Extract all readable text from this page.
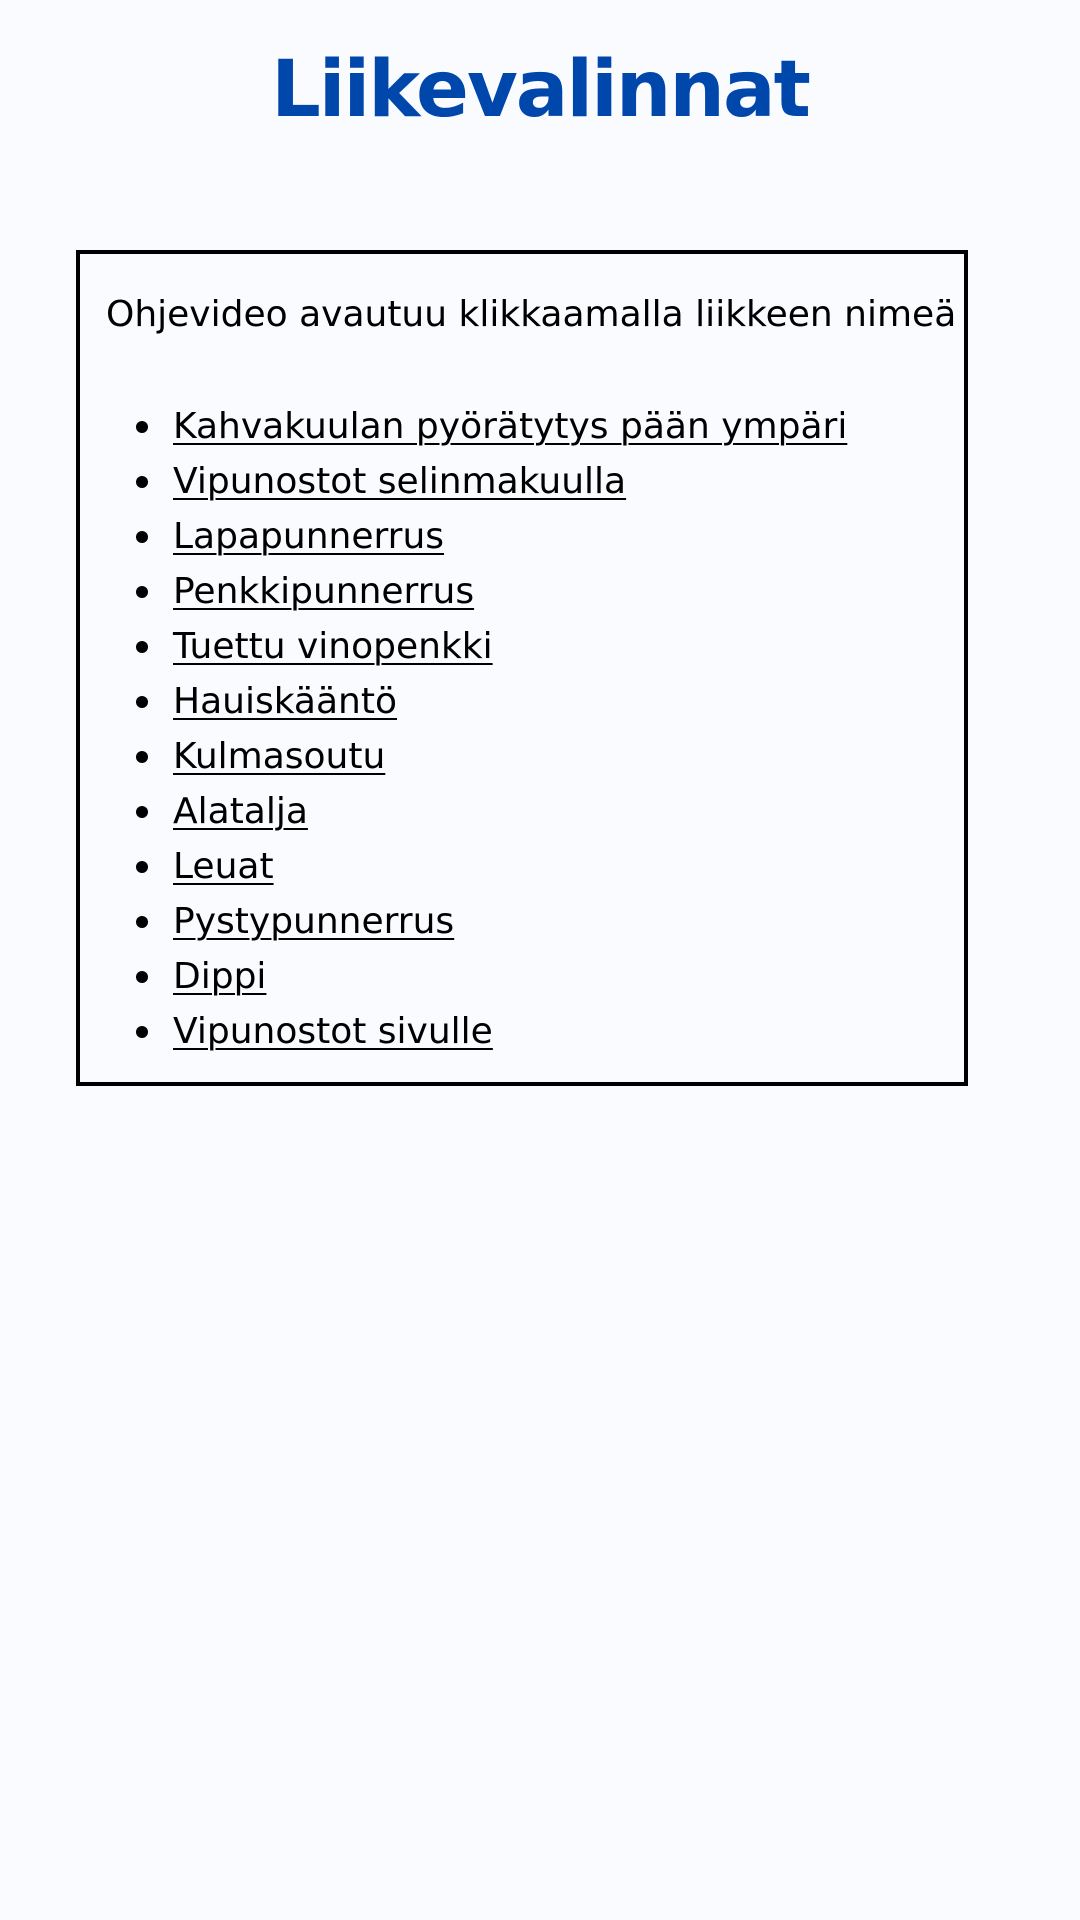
Liikevalinnat

Ohjevideo avautuu klikkaamalla liikkeen nimeä

Kahvakuulan pyörätytys pään ympäri
Vipunostot selinmakuulla
Lapapunnerrus
Penkkipunnerrus
Tuettu vinopenkki
Hauiskääntö
Kulmasoutu
Alatalja
Leuat
Pystypunnerrus
Dippi
Vipunostot sivulle
